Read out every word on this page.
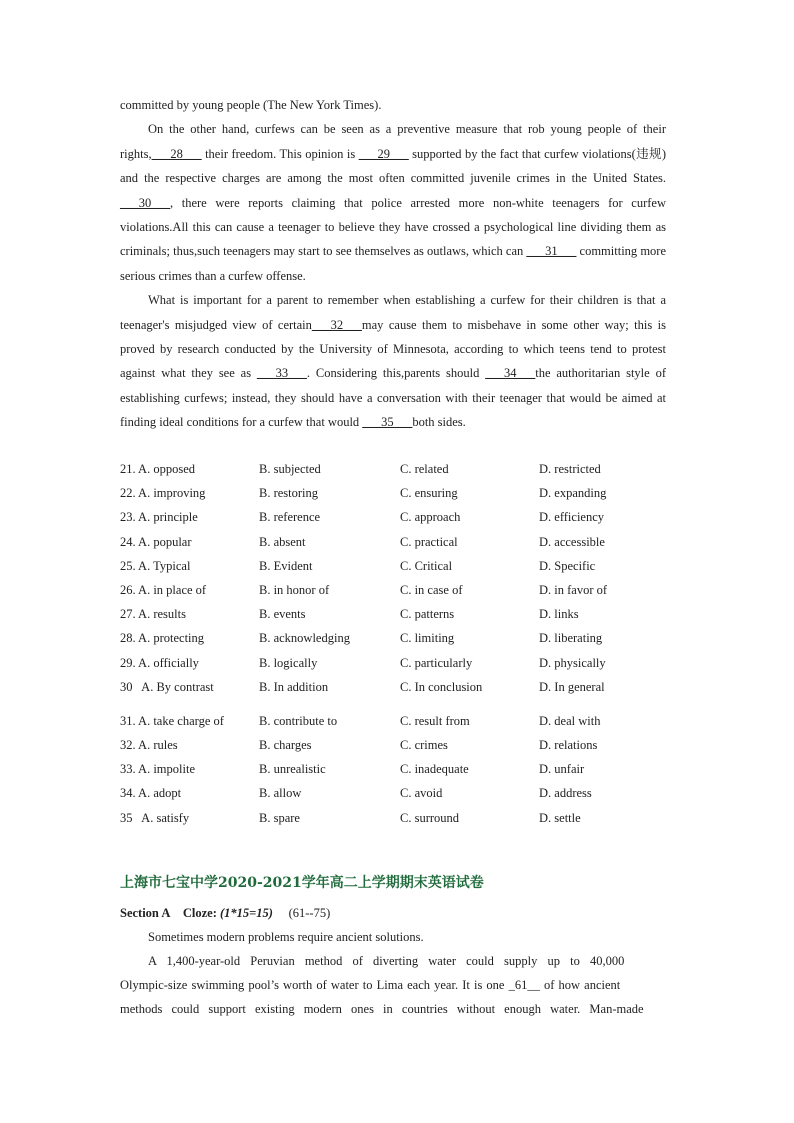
committed by young people (The New York Times).

On the other hand, curfews can be seen as a preventive measure that rob young people of their rights,___28___ their freedom. This opinion is ___29___ supported by the fact that curfew violations(违规) and the respective charges are among the most often committed juvenile crimes in the United States. ___30___, there were reports claiming that police arrested more non-white teenagers for curfew violations.All this can cause a teenager to believe they have crossed a psychological line dividing them as criminals; thus,such teenagers may start to see themselves as outlaws, which can ___31___ committing more serious crimes than a curfew offense.

What is important for a parent to remember when establishing a curfew for their children is that a teenager's misjudged view of certain___32___may cause them to misbehave in some other way; this is proved by research conducted by the University of Minnesota, according to which teens tend to protest against what they see as ___33___. Considering this,parents should ___34___the authoritarian style of establishing curfews; instead, they should have a conversation with their teenager that would be aimed at finding ideal conditions for a curfew that would ___35___both sides.

21. A. opposed	B. subjected	C. related	D. restricted
22. A. improving	B. restoring	C. ensuring	D. expanding
23. A. principle	B. reference	C. approach	D. efficiency
24. A. popular	B. absent	C. practical	D. accessible
25. A. Typical	B. Evident	C. Critical	D. Specific
26. A. in place of	B. in honor of	C. in case of	D. in favor of
27. A. results	B. events	C. patterns	D. links
28. A. protecting	B. acknowledging	C. limiting	D. liberating
29. A. officially	B. logically	C. particularly	D. physically
30   A. By contrast	B. In addition	C. In conclusion	D. In general
31. A. take charge of	B. contribute to	C. result from	D. deal with
32. A. rules	B. charges	C. crimes	D. relations
33. A. impolite	B. unrealistic	C. inadequate	D. unfair
34. A. adopt	B. allow	C. avoid	D. address
35   A. satisfy	B. spare	C. surround	D. settle
上海市七宝中学2020-2021学年高二上学期期末英语试卷
Section A Cloze: (1*15=15) (61--75)
Sometimes modern problems require ancient solutions.
A 1,400-year-old Peruvian method of diverting water could supply up to 40,000
Olympic-size swimming pool’s worth of water to Lima each year. It is one _61__ of how ancient
methods could support existing modern ones in countries without enough water. Man-made
